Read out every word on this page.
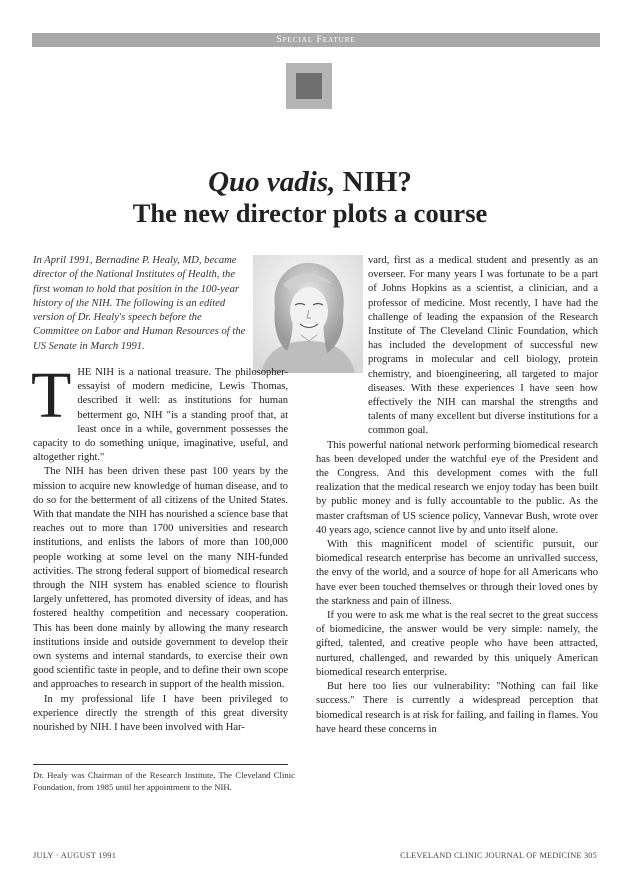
Special Feature
Quo vadis, NIH?
The new director plots a course
In April 1991, Bernadine P. Healy, MD, became director of the National Institutes of Health, the first woman to hold that position in the 100-year history of the NIH. The following is an edited version of Dr. Healy's speech before the Committee on Labor and Human Resources of the US Senate in March 1991.
T HE NIH is a national treasure. The philosopher-essayist of modern medicine, Lewis Thomas, described it well: as institutions for human betterment go, NIH "is a standing proof that, at least once in a while, government possesses the capacity to do something unique, imaginative, useful, and altogether right."

The NIH has been driven these past 100 years by the mission to acquire new knowledge of human disease, and to do so for the betterment of all citizens of the United States. With that mandate the NIH has nourished a science base that reaches out to more than 1700 universities and research institutions, and enlists the labors of more than 100,000 people working at some level on the many NIH-funded activities. The strong federal support of biomedical research through the NIH system has enabled science to flourish largely unfettered, has promoted diversity of ideas, and has fostered healthy competition and necessary cooperation. This has been done mainly by allowing the many research institutions inside and outside government to develop their own systems and internal standards, to exercise their own good scientific taste in people, and to define their own scope and approaches to research in support of the health mission.

In my professional life I have been privileged to experience directly the strength of this great diversity nourished by NIH. I have been involved with Har-

vard, first as a medical student and presently as an overseer. For many years I was fortunate to be a part of Johns Hopkins as a scientist, a clinician, and a professor of medicine. Most recently, I have had the challenge of leading the expansion of the Research Institute of The Cleveland Clinic Foundation, which has included the development of successful new programs in molecular and cell biology, protein chemistry, and bioengineering, all targeted to major diseases. With these experiences I have seen how effectively the NIH can marshal the strengths and talents of many excellent but diverse institutions for a common goal.

This powerful national network performing biomedical research has been developed under the watchful eye of the President and the Congress. And this development comes with the full realization that the medical research we enjoy today has been built by public money and is fully accountable to the public. As the master craftsman of US science policy, Vannevar Bush, wrote over 40 years ago, science cannot live by and unto itself alone.

With this magnificent model of scientific pursuit, our biomedical research enterprise has become an unrivalled success, the envy of the world, and a source of hope for all Americans who have ever been touched themselves or through their loved ones by the starkness and pain of illness.

If you were to ask me what is the real secret to the great success of biomedicine, the answer would be very simple: namely, the gifted, talented, and creative people who have been attracted, nurtured, challenged, and rewarded by this uniquely American biomedical research enterprise.

But here too lies our vulnerability: "Nothing can fail like success." There is currently a widespread perception that biomedical research is at risk for failing, and failing in flames. You have heard these concerns in

Dr. Healy was Chairman of the Research Institute, The Cleveland Clinic Foundation, from 1985 until her appointment to the NIH.
JULY · AUGUST 1991	CLEVELAND CLINIC JOURNAL OF MEDICINE 305
